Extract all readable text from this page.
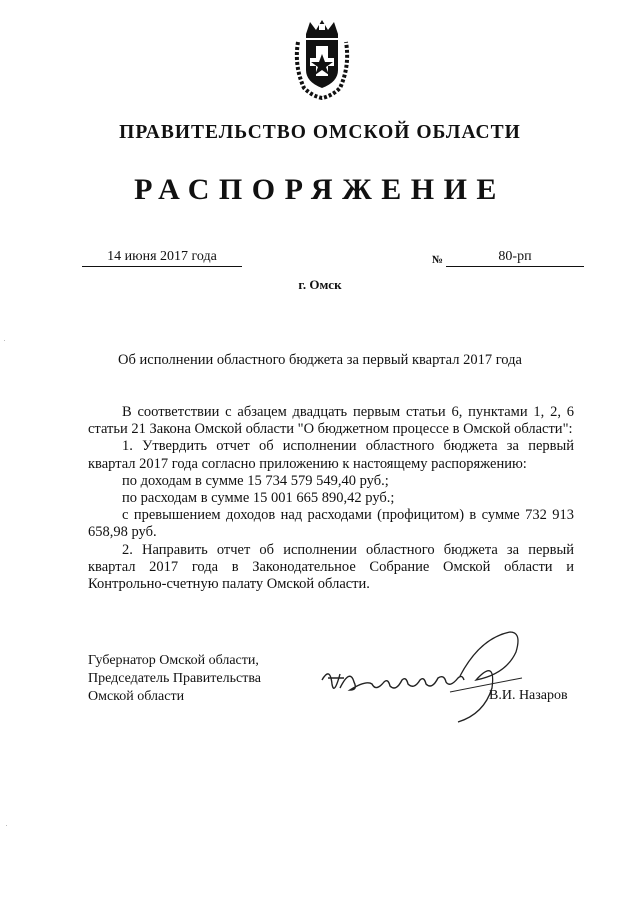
ПРАВИТЕЛЬСТВО ОМСКОЙ ОБЛАСТИ
РАСПОРЯЖЕНИЕ
14 июня 2017 года	№	80-рп
г. Омск
Об исполнении областного бюджета за первый квартал 2017 года

В соответствии с абзацем двадцать первым статьи 6, пунктами 1, 2, 6 статьи 21 Закона Омской области "О бюджетном процессе в Омской области":

1. Утвердить отчет об исполнении областного бюджета за первый квартал 2017 года согласно приложению к настоящему распоряжению:

по доходам в сумме 15 734 579 549,40 руб.;

по расходам в сумме 15 001 665 890,42 руб.;

с превышением доходов над расходами (профицитом) в сумме 732 913 658,98 руб.

2. Направить отчет об исполнении областного бюджета за первый квартал 2017 года в Законодательное Собрание Омской области и Контрольно-счетную палату Омской области.

Губернатор Омской области,
Председатель Правительства
Омской области	В.И. Назаров
